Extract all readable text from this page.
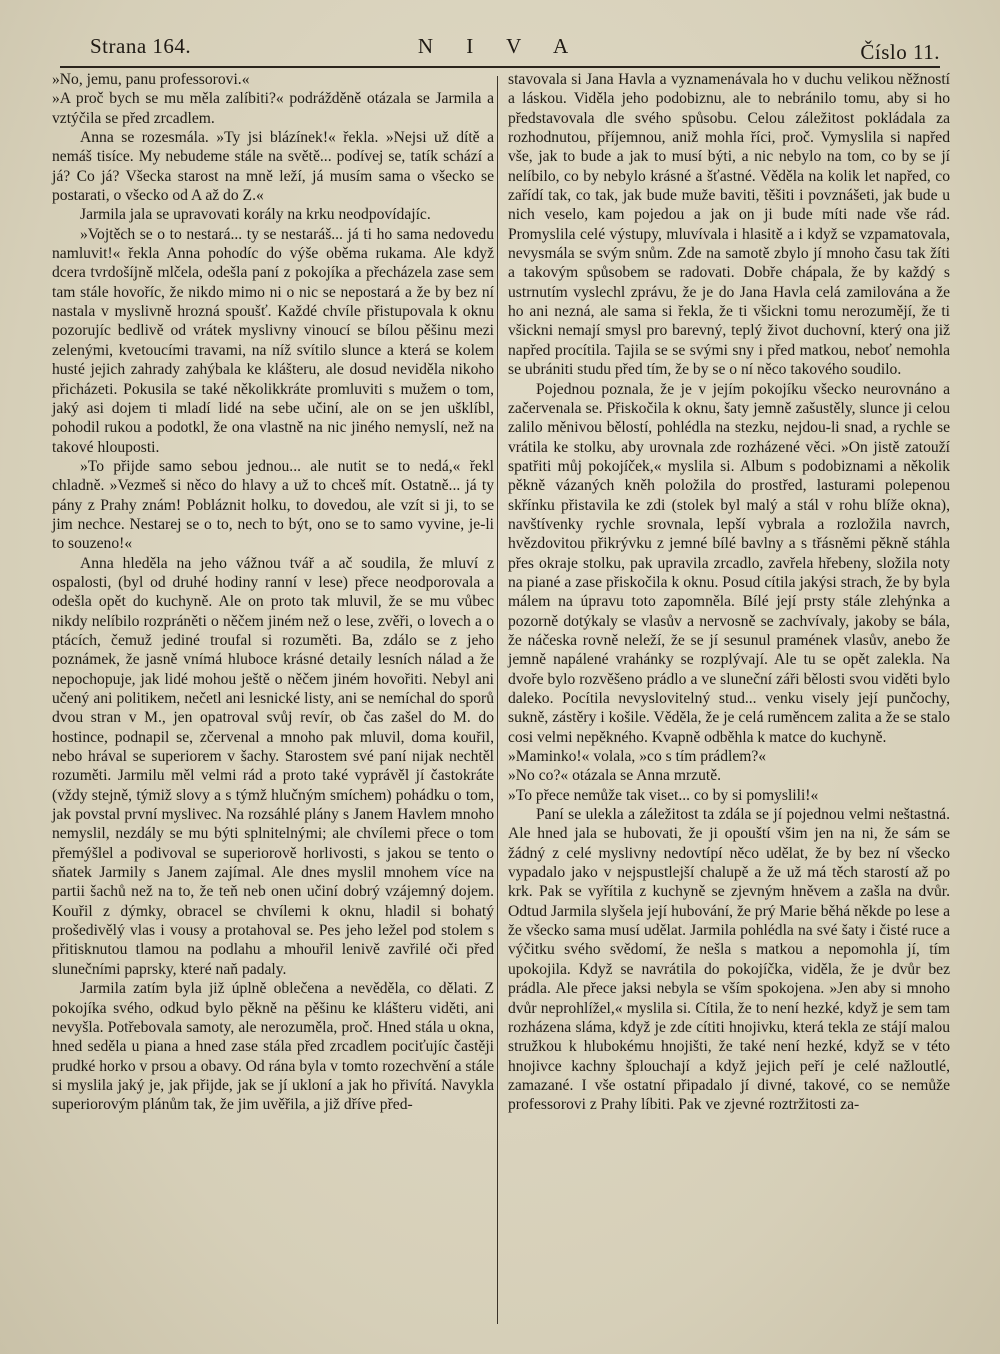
Strana 164.	N I V A	Číslo 11.

»No, jemu, panu professorovi.«

»A proč bych se mu měla zalíbiti?« podrážděně otázala se Jarmila a vztýčila se před zrcadlem.

Anna se rozesmála. »Ty jsi blázínek!« řekla. »Nejsi už dítě a nemáš tisíce. My nebudeme stále na světě... podívej se, tatík schází a já? Co já? Všecka starost na mně leží, já musím sama o všecko se postarati, o všecko od A až do Z.«

Jarmila jala se upravovati korály na krku neodpovídajíc.

»Vojtěch se o to nestará... ty se nestaráš... já ti ho sama nedovedu namluvit!« řekla Anna pohodíc do výše oběma rukama. Ale když dcera tvrdošíjně mlčela, odešla paní z pokojíka a přecházela zase sem tam stále hovoříc, že nikdo mimo ni o nic se nepostará a že by bez ní nastala v myslivně hrozná spoušť. Každé chvíle přistupovala k oknu pozorujíc bedlivě od vrátek myslivny vinoucí se bílou pěšinu mezi zelenými, kvetoucími travami, na níž svítilo slunce a která se kolem husté jejich zahrady zahýbala ke klášteru, ale dosud neviděla nikoho přicházeti. Pokusila se také několikkráte promluviti s mužem o tom, jaký asi dojem ti mladí lidé na sebe učiní, ale on se jen ušklíbl, pohodil rukou a podotkl, že ona vlastně na nic jiného nemyslí, než na takové hlouposti.

»To přijde samo sebou jednou... ale nutit se to nedá,« řekl chladně. »Vezmeš si něco do hlavy a už to chceš mít. Ostatně... já ty pány z Prahy znám! Pobláznit holku, to dovedou, ale vzít si ji, to se jim nechce. Nestarej se o to, nech to být, ono se to samo vyvine, je-li to souzeno!«

Anna hleděla na jeho vážnou tvář a ač soudila, že mluví z ospalosti, (byl od druhé hodiny ranní v lese) přece neodporovala a odešla opět do kuchyně. Ale on proto tak mluvil, že se mu vůbec nikdy nelíbilo rozpráněti o něčem jiném než o lese, zvěři, o lovech a o ptácích, čemuž jediné troufal si rozuměti. Ba, zdálo se z jeho poznámek, že jasně vnímá hluboce krásné detaily lesních nálad a že nepochopuje, jak lidé mohou ještě o něčem jiném hovořiti. Nebyl ani učený ani politikem, nečetl ani lesnické listy, ani se nemíchal do sporů dvou stran v M., jen opatroval svůj revír, ob čas zašel do M. do hostince, podnapil se, zčervenal a mnoho pak mluvil, doma kouřil, nebo hrával se superiorem v šachy. Starostem své paní nijak nechtěl rozuměti. Jarmilu měl velmi rád a proto také vyprávěl jí častokráte (vždy stejně, týmiž slovy a s týmž hlučným smíchem) pohádku o tom, jak povstal první myslivec. Na rozsáhlé plány s Janem Havlem mnoho nemyslil, nezdály se mu býti splnitelnými; ale chvílemi přece o tom přemýšlel a podivoval se superiorově horlivosti, s jakou se tento o sňatek Jarmily s Janem zajímal. Ale dnes myslil mnohem více na partii šachů než na to, že teň neb onen učiní dobrý vzájemný dojem. Kouřil z dýmky, obracel se chvílemi k oknu, hladil si bohatý prošedivělý vlas i vousy a protahoval se. Pes jeho ležel pod stolem s přitisknutou tlamou na podlahu a mhouřil lenivě zavřilé oči před slunečními paprsky, které naň padaly.

Jarmila zatím byla již úplně oblečena a nevěděla, co dělati. Z pokojíka svého, odkud bylo pěkně na pěšinu ke klášteru viděti, ani nevyšla. Potřebovala samoty, ale nerozuměla, proč. Hned stála u okna, hned seděla u piana a hned zase stála před zrcadlem pociťujíc častěji prudké horko v prsou a obavy. Od rána byla v tomto rozechvění a stále si myslila jaký je, jak přijde, jak se jí ukloní a jak ho přivítá. Navykla superiorovým plánům tak, že jim uvěřila, a již dříve před-

stavovala si Jana Havla a vyznamenávala ho v duchu velikou něžností a láskou. Viděla jeho podobiznu, ale to nebránilo tomu, aby si ho představovala dle svého spůsobu. Celou záležitost pokládala za rozhodnutou, příjemnou, aniž mohla říci, proč. Vymyslila si napřed vše, jak to bude a jak to musí býti, a nic nebylo na tom, co by se jí nelíbilo, co by nebylo krásné a šťastné. Věděla na kolik let napřed, co zařídí tak, co tak, jak bude muže baviti, těšiti i povznášeti, jak bude u nich veselo, kam pojedou a jak on ji bude míti nade vše rád. Promyslila celé výstupy, mluvívala i hlasitě a i když se vzpamatovala, nevysmála se svým snům. Zde na samotě zbylo jí mnoho času tak žíti a takovým spůsobem se radovati. Dobře chápala, že by každý s ustrnutím vyslechl zprávu, že je do Jana Havla celá zamilována a že ho ani nezná, ale sama si řekla, že ti všickni tomu nerozumějí, že ti všickni nemají smysl pro barevný, teplý život duchovní, který ona již napřed procítila. Tajila se se svými sny i před matkou, neboť nemohla se ubrániti studu před tím, že by se o ní něco takového soudilo.

Pojednou poznala, že je v jejím pokojíku všecko neurovnáno a začervenala se. Přiskočila k oknu, šaty jemně zašustěly, slunce ji celou zalilo měnivou bělostí, pohlédla na stezku, nejdou-li snad, a rychle se vrátila ke stolku, aby urovnala zde rozházené věci. »On jistě zatouží spatřiti můj pokojíček,« myslila si. Album s podobiznami a několik pěkně vázaných kněh položila do prostřed, lasturami polepenou skřínku přistavila ke zdi (stolek byl malý a stál v rohu blíže okna), navštívenky rychle srovnala, lepší vybrala a rozložila navrch, hvězdovitou přikrývku z jemné bílé bavlny a s třásněmi pěkně stáhla přes okraje stolku, pak upravila zrcadlo, zavřela hřebeny, složila noty na piané a zase přiskočila k oknu. Posud cítila jakýsi strach, že by byla málem na úpravu toto zapomněla. Bílé její prsty stále zlehýnka a pozorně dotýkaly se vlasův a nervosně se zachvívaly, jakoby se bála, že náčeska rovně neleží, že se jí sesunul pramének vlasův, anebo že jemně napálené vrahánky se rozplývají. Ale tu se opět zalekla. Na dvoře bylo rozvěšeno prádlo a ve sluneční záři bělosti svou viděti bylo daleko. Pocítila nevyslovitelný stud... venku visely její punčochy, sukně, zástěry i košile. Věděla, že je celá ruměncem zalita a že se stalo cosi velmi nepěkného. Kvapně odběhla k matce do kuchyně.

»Maminko!« volala, »co s tím prádlem?«

»No co?« otázala se Anna mrzutě.

»To přece nemůže tak viset... co by si pomyslili!«

Paní se ulekla a záležitost ta zdála se jí pojednou velmi neštastná. Ale hned jala se hubovati, že ji opouští všim jen na ni, že sám se žádný z celé myslivny nedovtípí něco udělat, že by bez ní všecko vypadalo jako v nejspustlejší chalupě a že už má těch starostí až po krk. Pak se vyřítila z kuchyně se zjevným hněvem a zašla na dvůr. Odtud Jarmila slyšela její hubování, že prý Marie běhá někde po lese a že všecko sama musí udělat. Jarmila pohlédla na své šaty i čisté ruce a výčitku svého svědomí, že nešla s matkou a nepomohla jí, tím upokojila. Když se navrátila do pokojíčka, viděla, že je dvůr bez prádla. Ale přece jaksi nebyla se vším spokojena. »Jen aby si mnoho dvůr neprohlížel,« myslila si. Cítila, že to není hezké, když je sem tam rozházena sláma, když je zde cítiti hnojivku, která tekla ze stájí malou stružkou k hlubokému hnojišti, že také není hezké, když se v této hnojivce kachny šplouchají a když jejich peří je celé nažloutlé, zamazané. I vše ostatní připadalo jí divné, takové, co se nemůže professorovi z Prahy líbiti. Pak ve zjevné roztržitosti za-
